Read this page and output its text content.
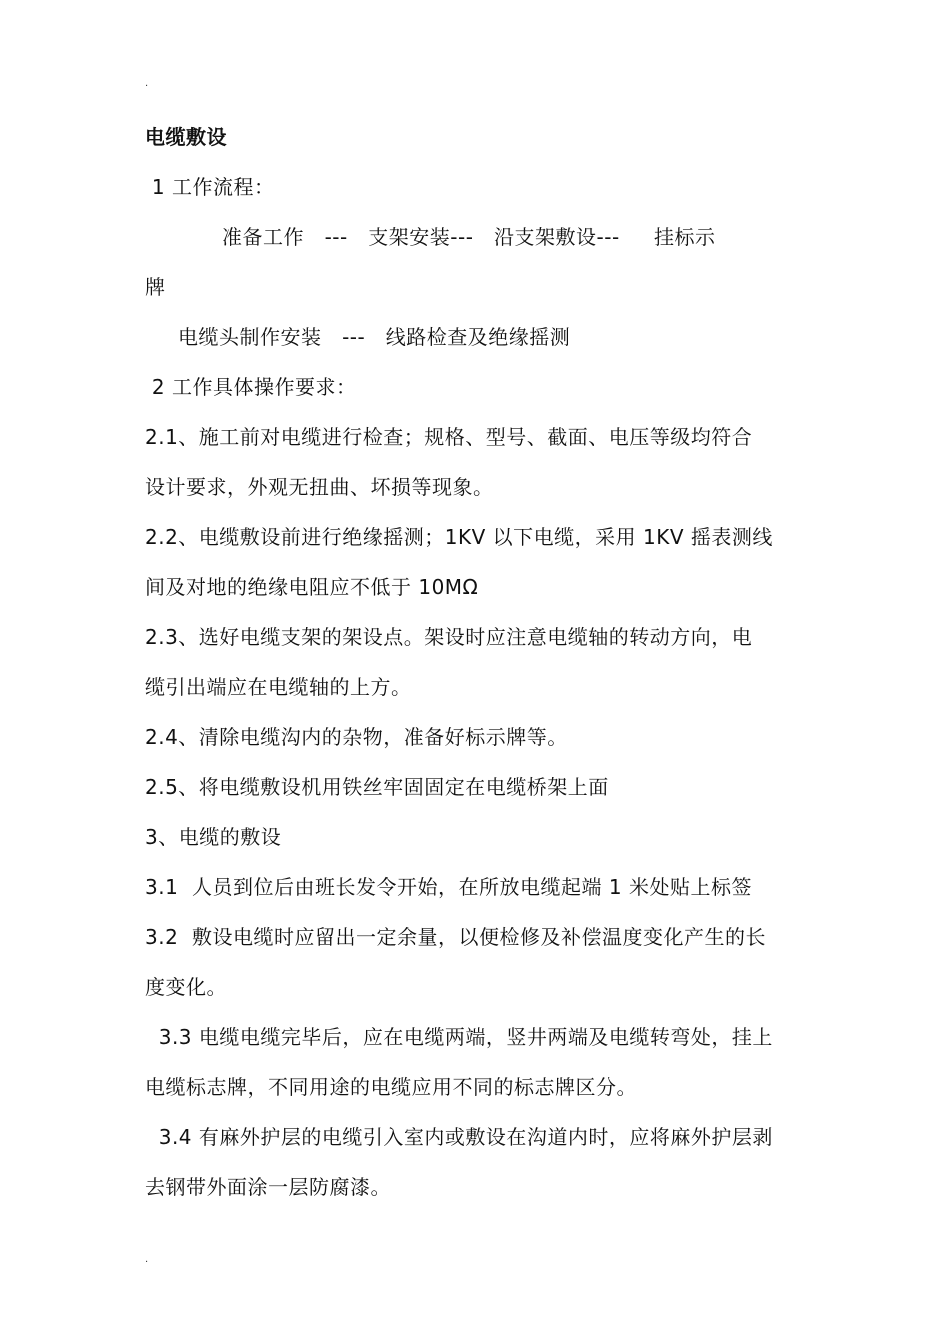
.
电缆敷设
1 工作流程：
准备工作   ---   支架安装---   沿支架敷设---     挂标示
牌
电缆头制作安装   ---   线路检查及绝缘摇测
2 工作具体操作要求：
2.1、施工前对电缆进行检查；规格、型号、截面、电压等级均符合
设计要求，外观无扭曲、坏损等现象。
2.2、电缆敷设前进行绝缘摇测；1KV 以下电缆，采用 1KV 摇表测线
间及对地的绝缘电阻应不低于 10MΩ
2.3、选好电缆支架的架设点。架设时应注意电缆轴的转动方向，电
缆引出端应在电缆轴的上方。
2.4、清除电缆沟内的杂物，准备好标示牌等。
2.5、将电缆敷设机用铁丝牢固固定在电缆桥架上面
3、电缆的敷设
3.1  人员到位后由班长发令开始，在所放电缆起端 1 米处贴上标签
3.2  敷设电缆时应留出一定余量，以便检修及补偿温度变化产生的长
度变化。
3.3 电缆电缆完毕后，应在电缆两端，竖井两端及电缆转弯处，挂上
电缆标志牌，不同用途的电缆应用不同的标志牌区分。
3.4 有麻外护层的电缆引入室内或敷设在沟道内时，应将麻外护层剥
去钢带外面涂一层防腐漆。
.
